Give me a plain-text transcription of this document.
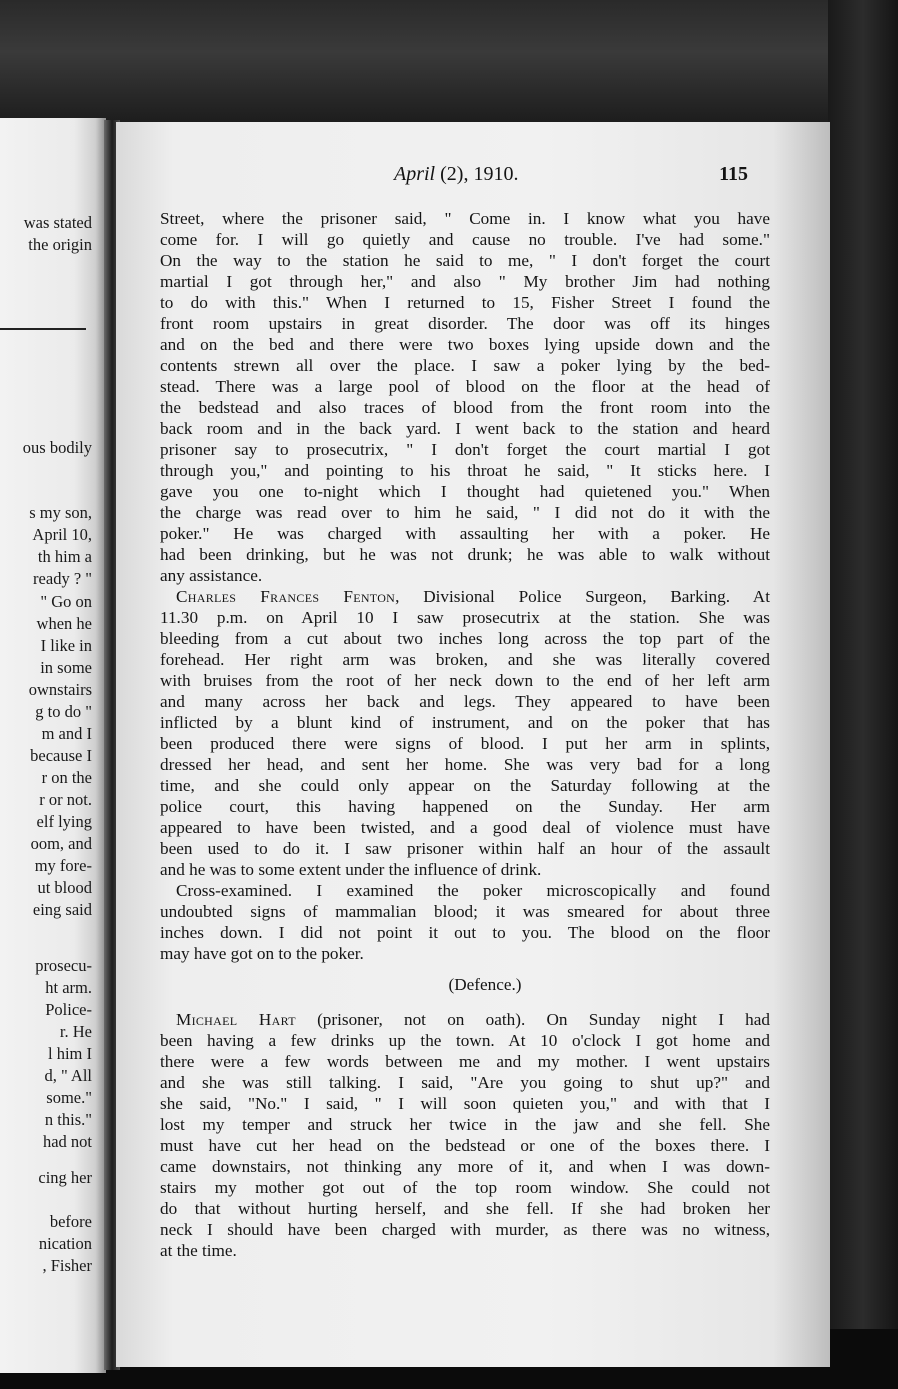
was stated
the origin
ous bodily
s my son,
April 10,
th him a
ready ? "
" Go on
when he
I like in
in some
ownstairs
g to do "
m and I
because I
r on the
r or not.
elf lying
oom, and
my fore-
ut blood
eing said
prosecu-
ht arm.
Police-
r. He
l him I
d, " All
some."
n this."
had not
cing her
before
nication
, Fisher
April (2), 1910.	115
Street, where the prisoner said, " Come in. I know what you have
come for. I will go quietly and cause no trouble. I've had some."
On the way to the station he said to me, " I don't forget the court
martial I got through her," and also " My brother Jim had nothing
to do with this." When I returned to 15, Fisher Street I found the
front room upstairs in great disorder. The door was off its hinges
and on the bed and there were two boxes lying upside down and the
contents strewn all over the place. I saw a poker lying by the bed-
stead. There was a large pool of blood on the floor at the head of
the bedstead and also traces of blood from the front room into the
back room and in the back yard. I went back to the station and heard
prisoner say to prosecutrix, " I don't forget the court martial I got
through you," and pointing to his throat he said, " It sticks here. I
gave you one to-night which I thought had quietened you." When
the charge was read over to him he said, " I did not do it with the
poker." He was charged with assaulting her with a poker. He
had been drinking, but he was not drunk; he was able to walk without
any assistance.
Charles Frances Fenton, Divisional Police Surgeon, Barking. At
11.30 p.m. on April 10 I saw prosecutrix at the station. She was
bleeding from a cut about two inches long across the top part of the
forehead. Her right arm was broken, and she was literally covered
with bruises from the root of her neck down to the end of her left arm
and many across her back and legs. They appeared to have been
inflicted by a blunt kind of instrument, and on the poker that has
been produced there were signs of blood. I put her arm in splints,
dressed her head, and sent her home. She was very bad for a long
time, and she could only appear on the Saturday following at the
police court, this having happened on the Sunday. Her arm
appeared to have been twisted, and a good deal of violence must have
been used to do it. I saw prisoner within half an hour of the assault
and he was to some extent under the influence of drink.
Cross-examined. I examined the poker microscopically and found
undoubted signs of mammalian blood; it was smeared for about three
inches down. I did not point it out to you. The blood on the floor
may have got on to the poker.
(Defence.)
Michael Hart (prisoner, not on oath). On Sunday night I had
been having a few drinks up the town. At 10 o'clock I got home and
there were a few words between me and my mother. I went upstairs
and she was still talking. I said, "Are you going to shut up?" and
she said, "No." I said, " I will soon quieten you," and with that I
lost my temper and struck her twice in the jaw and she fell. She
must have cut her head on the bedstead or one of the boxes there. I
came downstairs, not thinking any more of it, and when I was down-
stairs my mother got out of the top room window. She could not
do that without hurting herself, and she fell. If she had broken her
neck I should have been charged with murder, as there was no witness,
at the time.
